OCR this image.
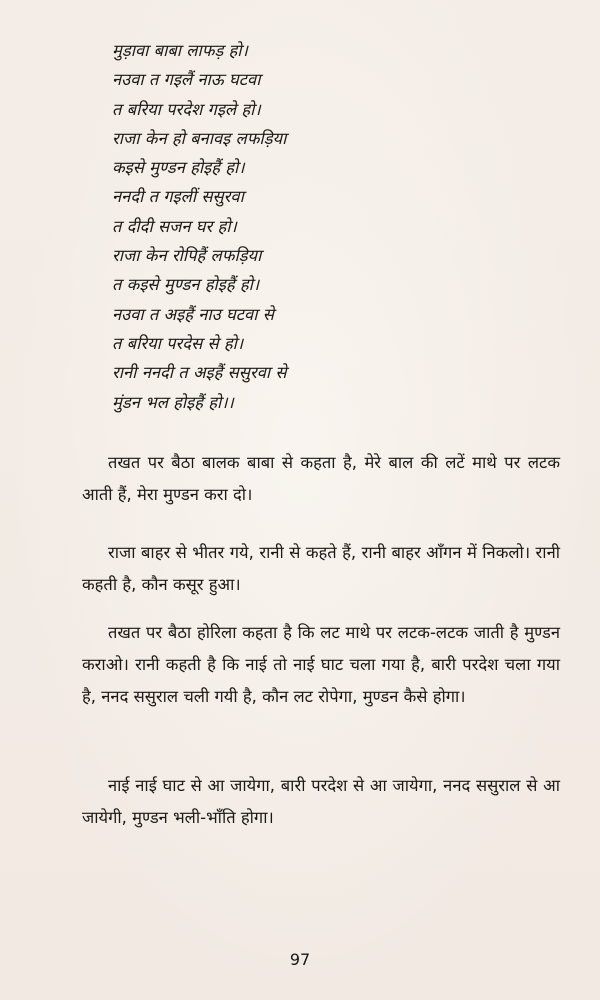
मुड़ावा बाबा लाफड़ हो।
नउवा त गइलैं नाऊ घटवा
त बरिया परदेश गइले हो।
राजा केन हो बनावइ लफड़िया
कइसे मुण्डन होइहैं हो।
ननदी त गइलीं ससुरवा
त दीदी सजन घर हो।
राजा केन रोपिहैं लफड़िया
त कइसे मुण्डन होइहैं हो।
नउवा त अइहैं नाउ घटवा से
त बरिया परदेस से हो।
रानी ननदी त अइहैं ससुरवा से
मुंडन भल होइहैं हो।।

तखत पर बैठा बालक बाबा से कहता है, मेरे बाल की लटें माथे पर लटक आती हैं, मेरा मुण्डन करा दो।

राजा बाहर से भीतर गये, रानी से कहते हैं, रानी बाहर आँगन में निकलो। रानी कहती है, कौन कसूर हुआ।

तखत पर बैठा होरिला कहता है कि लट माथे पर लटक-लटक जाती है मुण्डन कराओ। रानी कहती है कि नाई तो नाई घाट चला गया है, बारी परदेश चला गया है, ननद ससुराल चली गयी है, कौन लट रोपेगा, मुण्डन कैसे होगा।

नाई नाई घाट से आ जायेगा, बारी परदेश से आ जायेगा, ननद ससुराल से आ जायेगी, मुण्डन भली-भाँति होगा।

97
